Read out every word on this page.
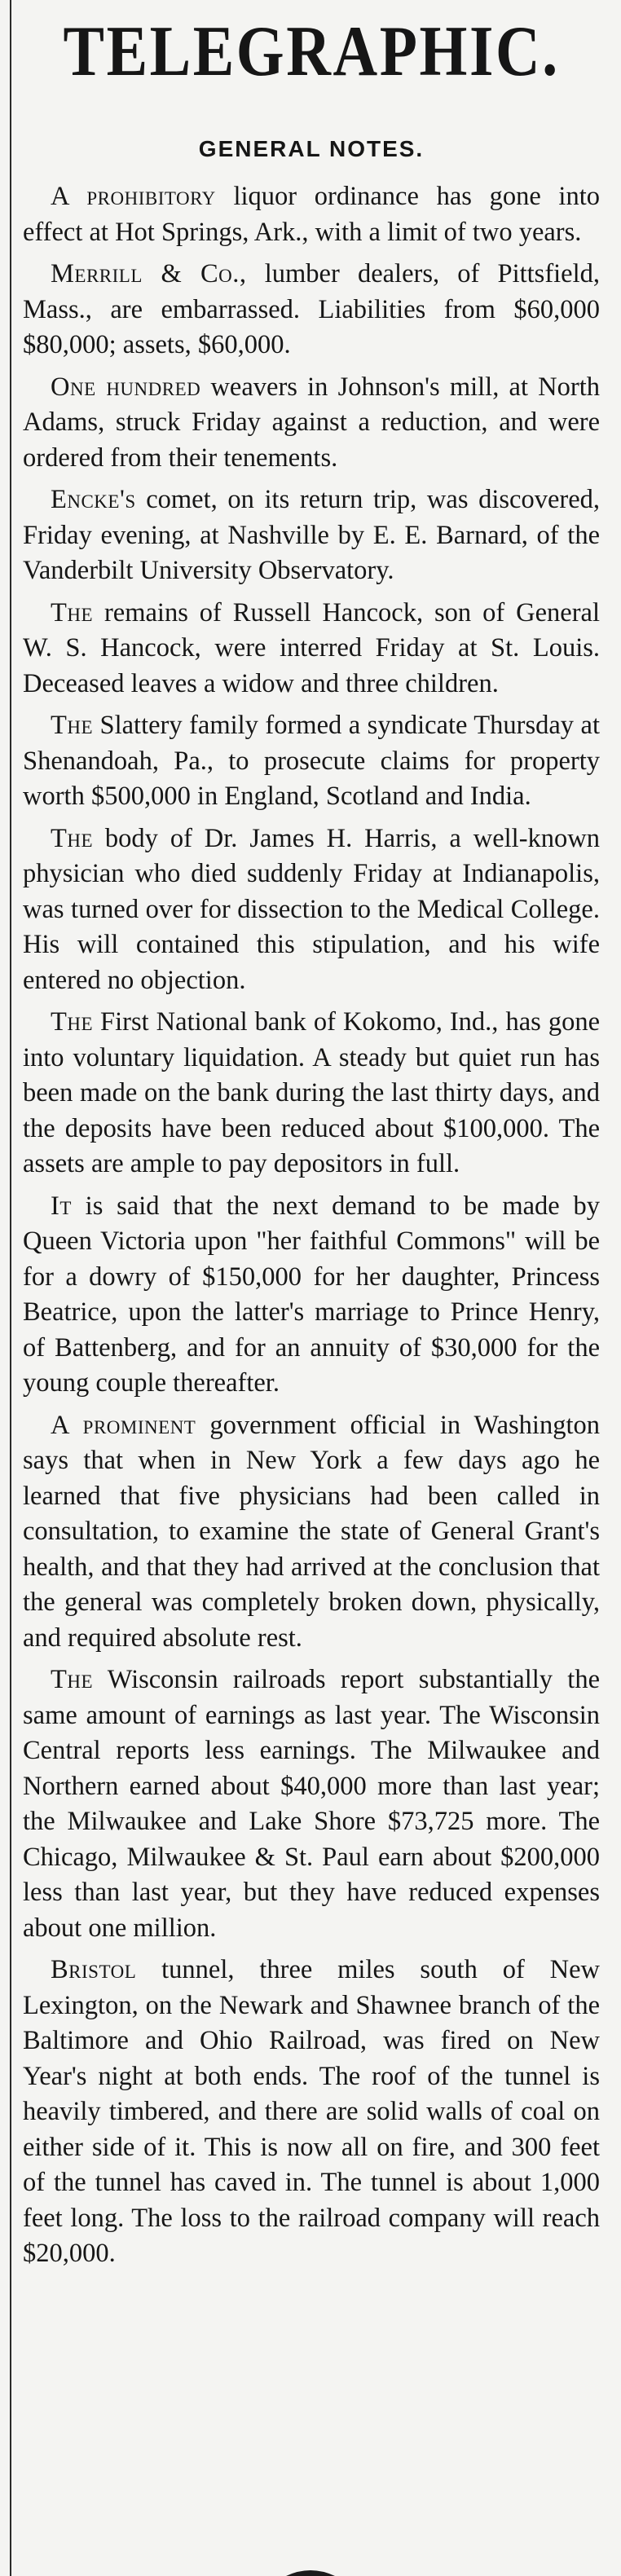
TELEGRAPHIC.
GENERAL NOTES.

A prohibitory liquor ordinance has gone into effect at Hot Springs, Ark., with a limit of two years.

Merrill & Co., lumber dealers, of Pittsfield, Mass., are embarrassed. Liabilities from $60,000 $80,000; assets, $60,000.

One hundred weavers in Johnson's mill, at North Adams, struck Friday against a reduction, and were ordered from their tenements.

Encke's comet, on its return trip, was discovered, Friday evening, at Nashville by E. E. Barnard, of the Vanderbilt University Observatory.

The remains of Russell Hancock, son of General W. S. Hancock, were interred Friday at St. Louis. Deceased leaves a widow and three children.

The Slattery family formed a syndicate Thursday at Shenandoah, Pa., to prosecute claims for property worth $500,000 in England, Scotland and India.

The body of Dr. James H. Harris, a well-known physician who died suddenly Friday at Indianapolis, was turned over for dissection to the Medical College. His will contained this stipulation, and his wife entered no objection.

The First National bank of Kokomo, Ind., has gone into voluntary liquidation. A steady but quiet run has been made on the bank during the last thirty days, and the deposits have been reduced about $100,000. The assets are ample to pay depositors in full.

It is said that the next demand to be made by Queen Victoria upon "her faithful Commons" will be for a dowry of $150,000 for her daughter, Princess Beatrice, upon the latter's marriage to Prince Henry, of Battenberg, and for an annuity of $30,000 for the young couple thereafter.

A prominent government official in Washington says that when in New York a few days ago he learned that five physicians had been called in consultation, to examine the state of General Grant's health, and that they had arrived at the conclusion that the general was completely broken down, physically, and required absolute rest.

The Wisconsin railroads report substantially the same amount of earnings as last year. The Wisconsin Central reports less earnings. The Milwaukee and Northern earned about $40,000 more than last year; the Milwaukee and Lake Shore $73,725 more. The Chicago, Milwaukee & St. Paul earn about $200,000 less than last year, but they have reduced expenses about one million.

Bristol tunnel, three miles south of New Lexington, on the Newark and Shawnee branch of the Baltimore and Ohio Railroad, was fired on New Year's night at both ends. The roof of the tunnel is heavily timbered, and there are solid walls of coal on either side of it. This is now all on fire, and 300 feet of the tunnel has caved in. The tunnel is about 1,000 feet long. The loss to the railroad company will reach $20,000.
